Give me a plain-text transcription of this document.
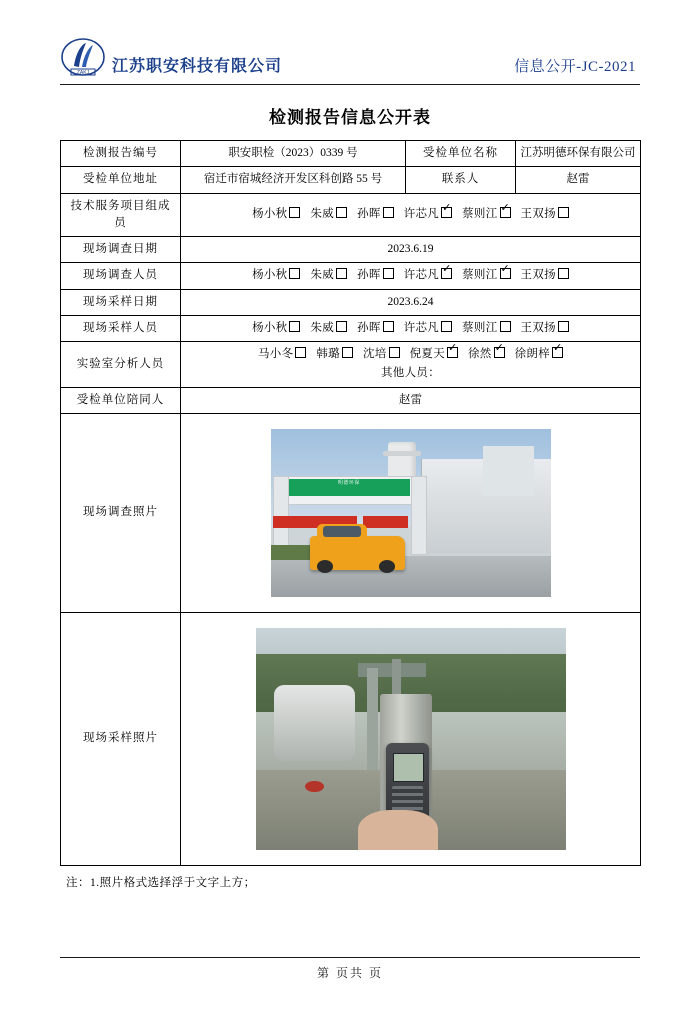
ZAKJ 江苏职安科技有限公司	信息公开-JC-2021
检测报告信息公开表
检测报告编号	职安职检（2023）0339 号	受检单位名称	江苏明德环保有限公司
受检单位地址	宿迁市宿城经济开发区科创路 55 号	联系人	赵雷
技术服务项目组成员	杨小秋 朱威 孙晖 许芯凡 ✓ 蔡则江 ✓ 王双扬
现场调查日期	2023.6.19		
现场调查人员	杨小秋 朱威 孙晖 许芯凡 ✓ 蔡则江 ✓ 王双扬
现场采样日期	2023.6.24		
现场采样人员	杨小秋 朱威 孙晖 许芯凡 蔡则江 王双扬		
实验室分析人员	马小冬 韩璐 沈培 倪夏天 ✓ 徐然 ✓ 徐朗梓✓
其他人员：

受检单位陪同人	赵雷		
现场调查照片	明德环保		

现场采样照片			
注：1.照片格式选择浮于文字上方；
第 页共 页
